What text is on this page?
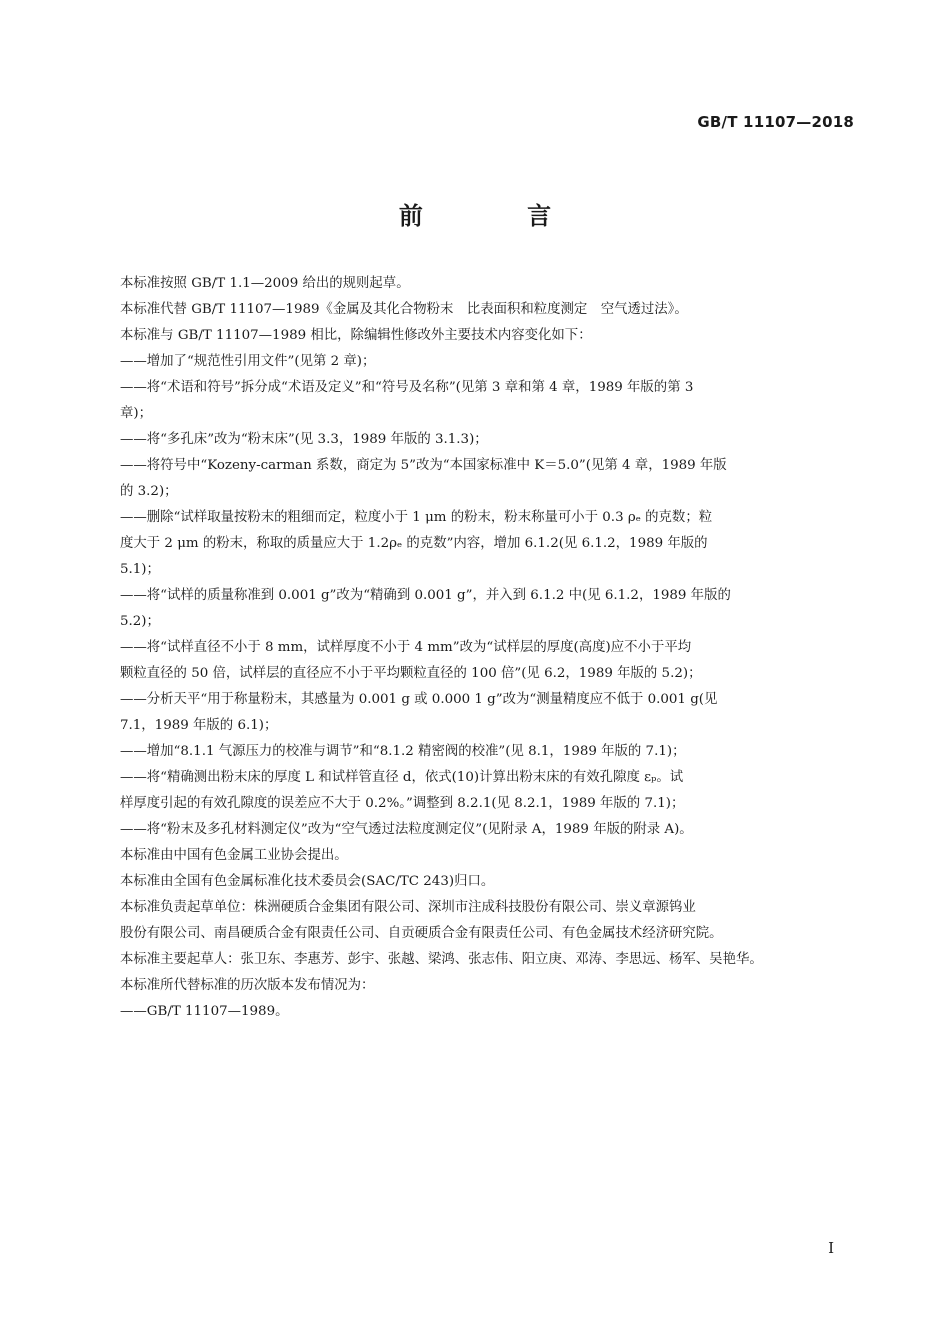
GB/T 11107—2018
前 言
本标准按照 GB/T 1.1—2009 给出的规则起草。
本标准代替 GB/T 11107—1989《金属及其化合物粉末　比表面积和粒度测定　空气透过法》。
本标准与 GB/T 11107—1989 相比，除编辑性修改外主要技术内容变化如下：
——增加了“规范性引用文件”(见第 2 章)；
——将“术语和符号”拆分成“术语及定义”和“符号及名称”(见第 3 章和第 4 章，1989 年版的第 3
章)；
——将“多孔床”改为“粉末床”(见 3.3，1989 年版的 3.1.3)；
——将符号中“Kozeny-carman 系数，商定为 5”改为“本国家标准中 K＝5.0”(见第 4 章，1989 年版
的 3.2)；
——删除“试样取量按粉末的粗细而定，粒度小于 1 μm 的粉末，粉末称量可小于 0.3 ρₑ 的克数；粒
度大于 2 μm 的粉末，称取的质量应大于 1.2ρₑ 的克数”内容，增加 6.1.2(见 6.1.2，1989 年版的
5.1)；
——将“试样的质量称准到 0.001 g”改为“精确到 0.001 g”，并入到 6.1.2 中(见 6.1.2，1989 年版的
5.2)；
——将“试样直径不小于 8 mm，试样厚度不小于 4 mm”改为“试样层的厚度(高度)应不小于平均
颗粒直径的 50 倍，试样层的直径应不小于平均颗粒直径的 100 倍”(见 6.2，1989 年版的 5.2)；
——分析天平“用于称量粉末，其感量为 0.001 g 或 0.000 1 g”改为“测量精度应不低于 0.001 g(见
7.1，1989 年版的 6.1)；
——增加“8.1.1 气源压力的校准与调节”和“8.1.2 精密阀的校准”(见 8.1，1989 年版的 7.1)；
——将“精确测出粉末床的厚度 L 和试样管直径 d，依式(10)计算出粉末床的有效孔隙度 εₚ。试
样厚度引起的有效孔隙度的误差应不大于 0.2%。”调整到 8.2.1(见 8.2.1，1989 年版的 7.1)；
——将“粉末及多孔材料测定仪”改为“空气透过法粒度测定仪”(见附录 A，1989 年版的附录 A)。
本标准由中国有色金属工业协会提出。
本标准由全国有色金属标准化技术委员会(SAC/TC 243)归口。
本标准负责起草单位：株洲硬质合金集团有限公司、深圳市注成科技股份有限公司、崇义章源钨业
股份有限公司、南昌硬质合金有限责任公司、自贡硬质合金有限责任公司、有色金属技术经济研究院。
本标准主要起草人：张卫东、李惠芳、彭宇、张越、梁鸿、张志伟、阳立庚、邓涛、李思远、杨军、吴艳华。
本标准所代替标准的历次版本发布情况为：
——GB/T 11107—1989。
I
